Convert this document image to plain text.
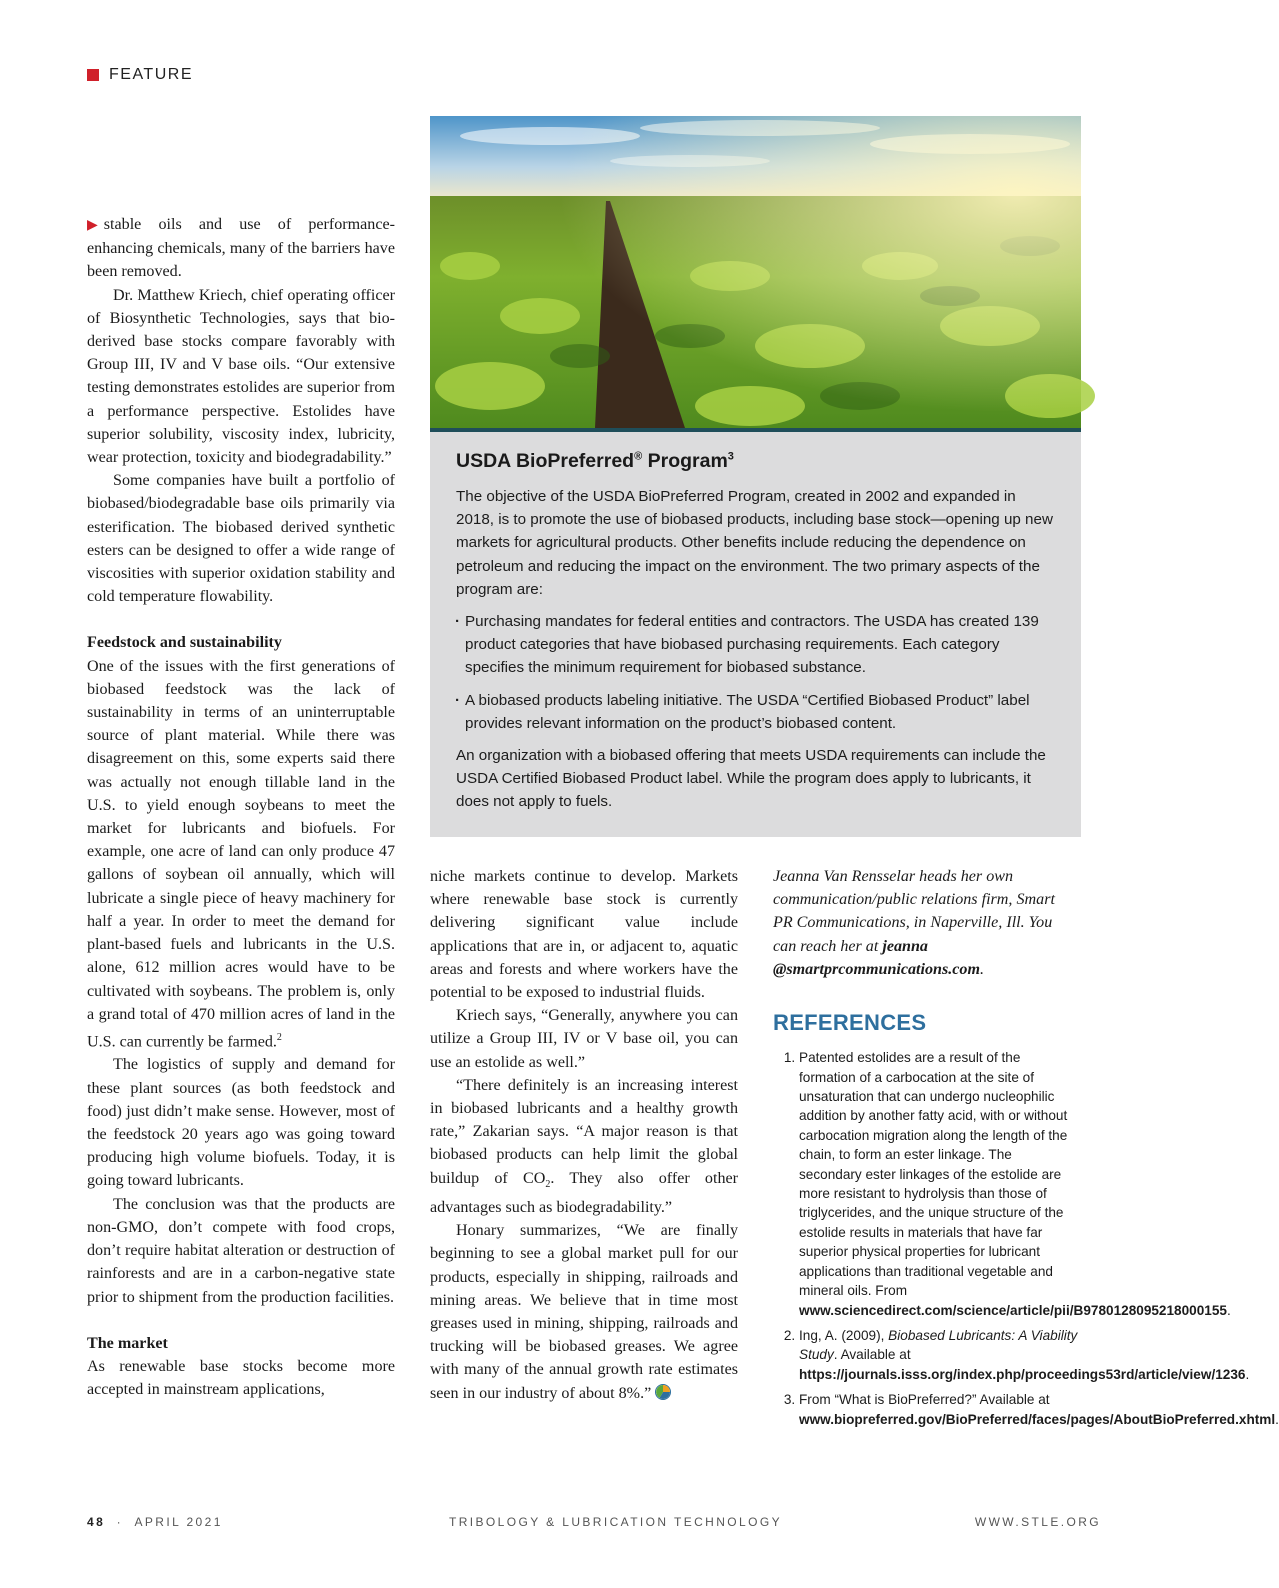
FEATURE
USDA BioPreferred® Program$^3$

The objective of the USDA BioPreferred Program, created in 2002 and expanded in 2018, is to promote the use of biobased products, including base stock—opening up new markets for agricultural products. Other benefits include reducing the dependence on petroleum and reducing the impact on the environment. The two primary aspects of the program are:

· Purchasing mandates for federal entities and contractors. The USDA has created 139 product categories that have biobased purchasing requirements. Each category specifies the minimum requirement for biobased substance.

· A biobased products labeling initiative. The USDA “Certified Biobased Product” label provides relevant information on the product’s biobased content.

An organization with a biobased offering that meets USDA requirements can include the USDA Certified Biobased Product label. While the program does apply to lubricants, it does not apply to fuels.

▶ stable oils and use of performance-enhancing chemicals, many of the barriers have been removed.

Dr. Matthew Kriech, chief operating officer of Biosynthetic Technologies, says that bio-derived base stocks compare favorably with Group III, IV and V base oils. “Our extensive testing demonstrates estolides are superior from a performance perspective. Estolides have superior solubility, viscosity index, lubricity, wear protection, toxicity and biodegradability.”

Some companies have built a portfolio of biobased/biodegradable base oils primarily via esterification. The biobased derived synthetic esters can be designed to offer a wide range of viscosities with superior oxidation stability and cold temperature flowability.

Feedstock and sustainability

One of the issues with the first generations of biobased feedstock was the lack of sustainability in terms of an uninterruptable source of plant material. While there was disagreement on this, some experts said there was actually not enough tillable land in the U.S. to yield enough soybeans to meet the market for lubricants and biofuels. For example, one acre of land can only produce 47 gallons of soybean oil annually, which will lubricate a single piece of heavy machinery for half a year. In order to meet the demand for plant-based fuels and lubricants in the U.S. alone, 612 million acres would have to be cultivated with soybeans. The problem is, only a grand total of 470 million acres of land in the U.S. can currently be farmed.$^2$

The logistics of supply and demand for these plant sources (as both feedstock and food) just didn’t make sense. However, most of the feedstock 20 years ago was going toward producing high volume biofuels. Today, it is going toward lubricants.

The conclusion was that the products are non-GMO, don’t compete with food crops, don’t require habitat alteration or destruction of rainforests and are in a carbon-negative state prior to shipment from the production facilities.

The market

As renewable base stocks become more accepted in mainstream applications,

niche markets continue to develop. Markets where renewable base stock is currently delivering significant value include applications that are in, or adjacent to, aquatic areas and forests and where workers have the potential to be exposed to industrial fluids.

Kriech says, “Generally, anywhere you can utilize a Group III, IV or V base oil, you can use an estolide as well.”

“There definitely is an increasing interest in biobased lubricants and a healthy growth rate,” Zakarian says. “A major reason is that biobased products can help limit the global buildup of $CO_2$. They also offer other advantages such as biodegradability.”

Honary summarizes, “We are finally beginning to see a global market pull for our products, especially in shipping, railroads and mining areas. We believe that in time most greases used in mining, shipping, railroads and trucking will be biobased greases. We agree with many of the annual growth rate estimates seen in our industry of about 8%.”

Jeanna Van Rensselar heads her own communication/public relations firm, Smart PR Communications, in Naperville, Ill. You can reach her at jeanna @smartprcommunications.com.

REFERENCES
1. Patented estolides are a result of the formation of a carbocation at the site of unsaturation that can undergo nucleophilic addition by another fatty acid, with or without carbocation migration along the length of the chain, to form an ester linkage. The secondary ester linkages of the estolide are more resistant to hydrolysis than those of triglycerides, and the unique structure of the estolide results in materials that have far superior physical properties for lubricant applications than traditional vegetable and mineral oils. From www.sciencedirect.com/science/article/pii/B9780128095218000155.
2. Ing, A. (2009), Biobased Lubricants: A Viability Study. Available at https://journals.isss.org/index.php/proceedings53rd/article/view/1236.
3. From “What is BioPreferred?” Available at www.biopreferred.gov/BioPreferred/faces/pages/AboutBioPreferred.xhtml.
48 · APRIL 2021	TRIBOLOGY & LUBRICATION TECHNOLOGY	WWW.STLE.ORG
